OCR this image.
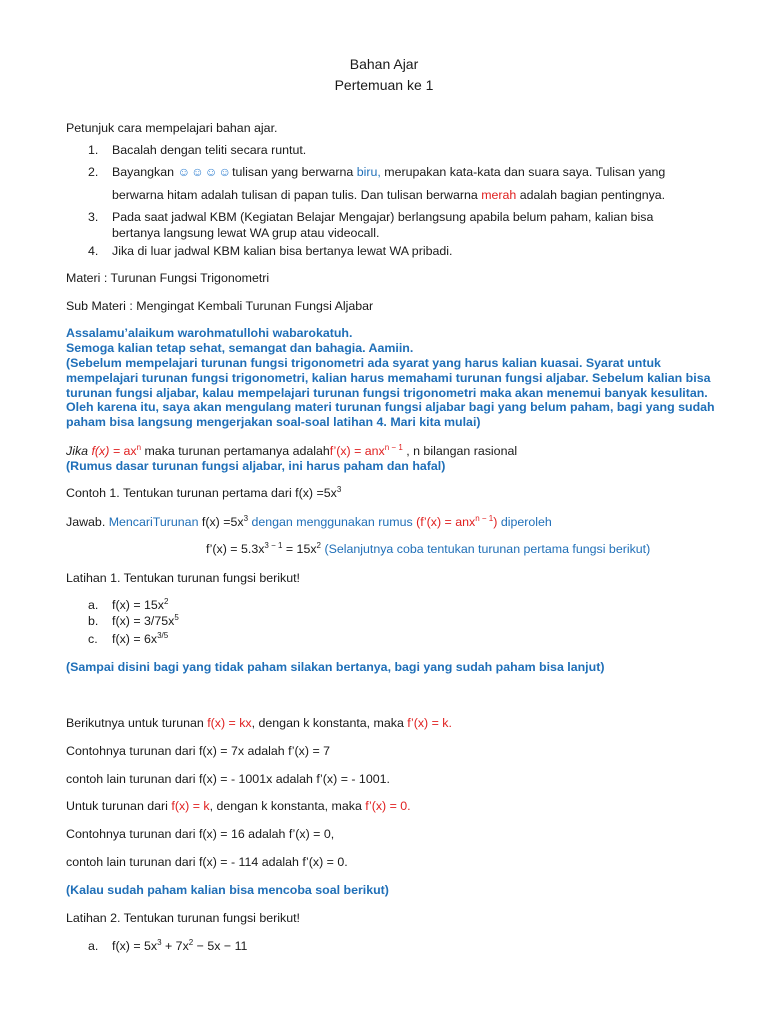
Bahan Ajar
Pertemuan ke 1
Petunjuk cara mempelajari bahan ajar.
1. Bacalah dengan teliti secara runtut.
2. Bayangkan ☺☺☺☺tulisan yang berwarna biru, merupakan kata-kata dan suara saya. Tulisan yang
berwarna hitam adalah tulisan di papan tulis. Dan tulisan berwarna merah adalah bagian pentingnya.
3. Pada saat jadwal KBM (Kegiatan Belajar Mengajar) berlangsung apabila belum paham, kalian bisa
bertanya langsung lewat WA grup atau videocall.
4. Jika di luar jadwal KBM kalian bisa bertanya lewat WA pribadi.
Materi : Turunan Fungsi Trigonometri
Sub Materi : Mengingat Kembali Turunan Fungsi Aljabar
Assalamu’alaikum warohmatullohi wabarokatuh.
Semoga kalian tetap sehat, semangat dan bahagia. Aamiin.
(Sebelum mempelajari turunan fungsi trigonometri ada syarat yang harus kalian kuasai. Syarat untuk
mempelajari turunan fungsi trigonometri, kalian harus memahami turunan fungsi aljabar. Sebelum kalian bisa
turunan fungsi aljabar, kalau mempelajari turunan fungsi trigonometri maka akan menemui banyak kesulitan.
Oleh karena itu, saya akan mengulang materi turunan fungsi aljabar bagi yang belum paham, bagi yang sudah
paham bisa langsung mengerjakan soal-soal latihan 4. Mari kita mulai)
Jika $f(x) = ax^n$ maka turunan pertamanya adalahf’(x) = anx$^{n - 1}$ , n bilangan rasional
(Rumus dasar turunan fungsi aljabar, ini harus paham dan hafal)
Contoh 1. Tentukan turunan pertama dari $f(x) =5x^3$
Jawab. MencariTurunan $f(x) =5x^3$ dengan menggunakan rumus (f’(x) = anx$^{n - 1}$) diperoleh
f’(x) = $5.3x^{3 - 1} = 15x^2$ (Selanjutnya coba tentukan turunan pertama fungsi berikut)
Latihan 1. Tentukan turunan fungsi berikut!
a. $f(x) = 15x^2$
b. $f(x) = 3/75x^5$
c. $f(x) = 6x^{3/5}$
(Sampai disini bagi yang tidak paham silakan bertanya, bagi yang sudah paham bisa lanjut)
Berikutnya untuk turunan f(x) = kx, dengan k konstanta, maka f’(x) = k.
Contohnya turunan dari f(x) = 7x adalah f’(x) = 7
contoh lain turunan dari f(x) = - 1001x adalah f’(x) = - 1001.
Untuk turunan dari f(x) = k, dengan k konstanta, maka f’(x) = 0.
Contohnya turunan dari f(x) = 16 adalah f’(x) = 0,
contoh lain turunan dari f(x) = - 114 adalah f’(x) = 0.
(Kalau sudah paham kalian bisa mencoba soal berikut)
Latihan 2. Tentukan turunan fungsi berikut!
a. $f(x) = 5x^3 + 7x^2 - 5x - 11$
